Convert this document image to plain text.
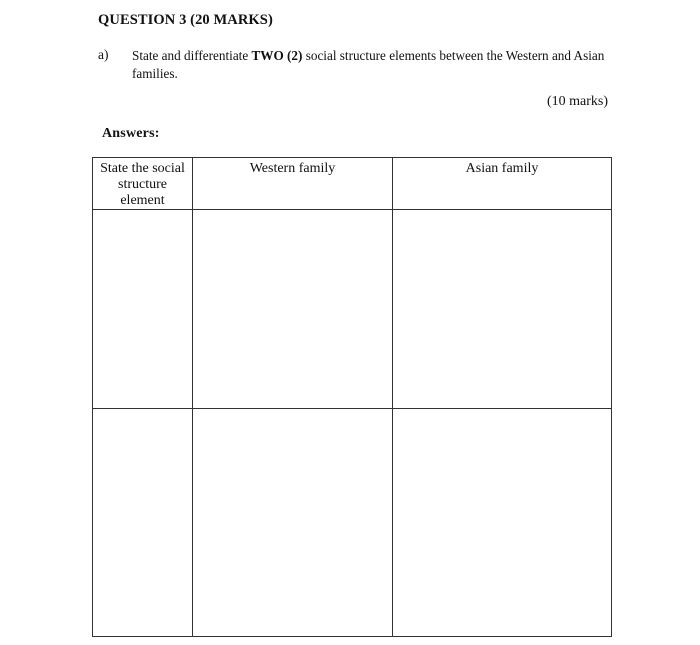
QUESTION 3 (20 MARKS)
a) State and differentiate TWO (2) social structure elements between the Western and Asian families.
(10 marks)
Answers:
State the social structure element	Western family	Asian family
